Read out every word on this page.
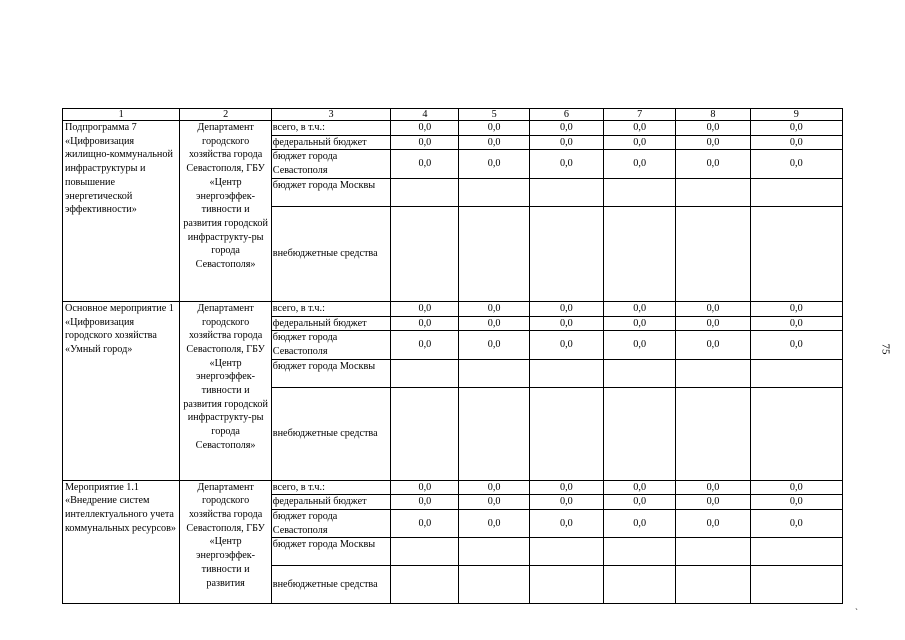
1	2	3	4	5	6	7	8	9
Подпрограмма 7 «Цифровизация жилищно-коммунальной инфраструктуры и повышение энергетической эффективности»	Департамент городского хозяйства города Севастополя, ГБУ «Центр энергоэффек-тивности и развития городской инфраструкту-ры города Севастополя»	всего, в т.ч.:	0,0	0,0	0,0	0,0	0,0	0,0
		федеральный бюджет	0,0	0,0	0,0	0,0	0,0	0,0
		бюджет города Севастополя	0,0	0,0	0,0	0,0	0,0	0,0
		бюджет города Москвы						
		внебюджетные средства						
Основное мероприятие 1 «Цифровизация городского хозяйства «Умный город»	Департамент городского хозяйства города Севастополя, ГБУ «Центр энергоэффек-тивности и развития городской инфраструкту-ры города Севастополя»	всего, в т.ч.:	0,0	0,0	0,0	0,0	0,0	0,0
		федеральный бюджет	0,0	0,0	0,0	0,0	0,0	0,0
		бюджет города Севастополя	0,0	0,0	0,0	0,0	0,0	0,0
		бюджет города Москвы						
		внебюджетные средства						
Мероприятие 1.1 «Внедрение систем интеллектуального учета коммунальных ресурсов»	Департамент городского хозяйства города Севастополя, ГБУ «Центр энергоэффек-тивности и развития	всего, в т.ч.:	0,0	0,0	0,0	0,0	0,0	0,0
		федеральный бюджет	0,0	0,0	0,0	0,0	0,0	0,0
		бюджет города Севастополя	0,0	0,0	0,0	0,0	0,0	0,0
		бюджет города Москвы						
		внебюджетные средства						
75
ˏ
